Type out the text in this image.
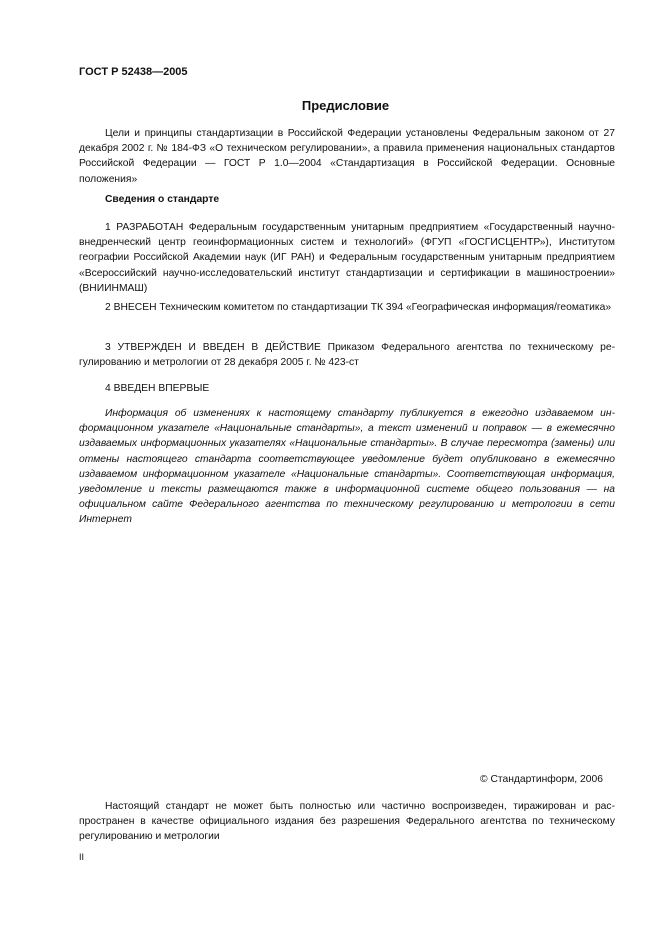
ГОСТ Р 52438—2005
Предисловие

Цели и принципы стандартизации в Российской Федерации установлены Федеральным законом от 27 декабря 2002 г. № 184-ФЗ «О техническом регулировании», а правила применения национальных стандартов Российской Федерации — ГОСТ Р 1.0—2004 «Стандартизация в Российской Федерации. Основные положения»

Сведения о стандарте

1 РАЗРАБОТАН Федеральным государственным унитарным предприятием «Государственный научно-внедренческий центр геоинформационных систем и технологий» (ФГУП «ГОСГИСЦЕНТР»), Институтом географии Российской Академии наук (ИГ РАН) и Федеральным государственным унитарным предприятием «Всероссийский научно-исследовательский институт стандартизации и сертификации в машиностроении» (ВНИИНМАШ)

2 ВНЕСЕН Техническим комитетом по стандартизации ТК 394 «Географическая информация/геоматика»

3 УТВЕРЖДЕН И ВВЕДЕН В ДЕЙСТВИЕ Приказом Федерального агентства по техническому регулированию и метрологии от 28 декабря 2005 г. № 423-ст

4 ВВЕДЕН ВПЕРВЫЕ

Информация об изменениях к настоящему стандарту публикуется в ежегодно издаваемом информационном указателе «Национальные стандарты», а текст изменений и поправок — в ежемесячно издаваемых информационных указателях «Национальные стандарты». В случае пересмотра (замены) или отмены настоящего стандарта соответствующее уведомление будет опубликовано в ежемесячно издаваемом информационном указателе «Национальные стандарты». Соответствующая информация, уведомление и тексты размещаются также в информационной системе общего пользования — на официальном сайте Федерального агентства по техническому регулированию и метрологии в сети Интернет

© Стандартинформ, 2006

Настоящий стандарт не может быть полностью или частично воспроизведен, тиражирован и распространен в качестве официального издания без разрешения Федерального агентства по техническому регулированию и метрологии

II
